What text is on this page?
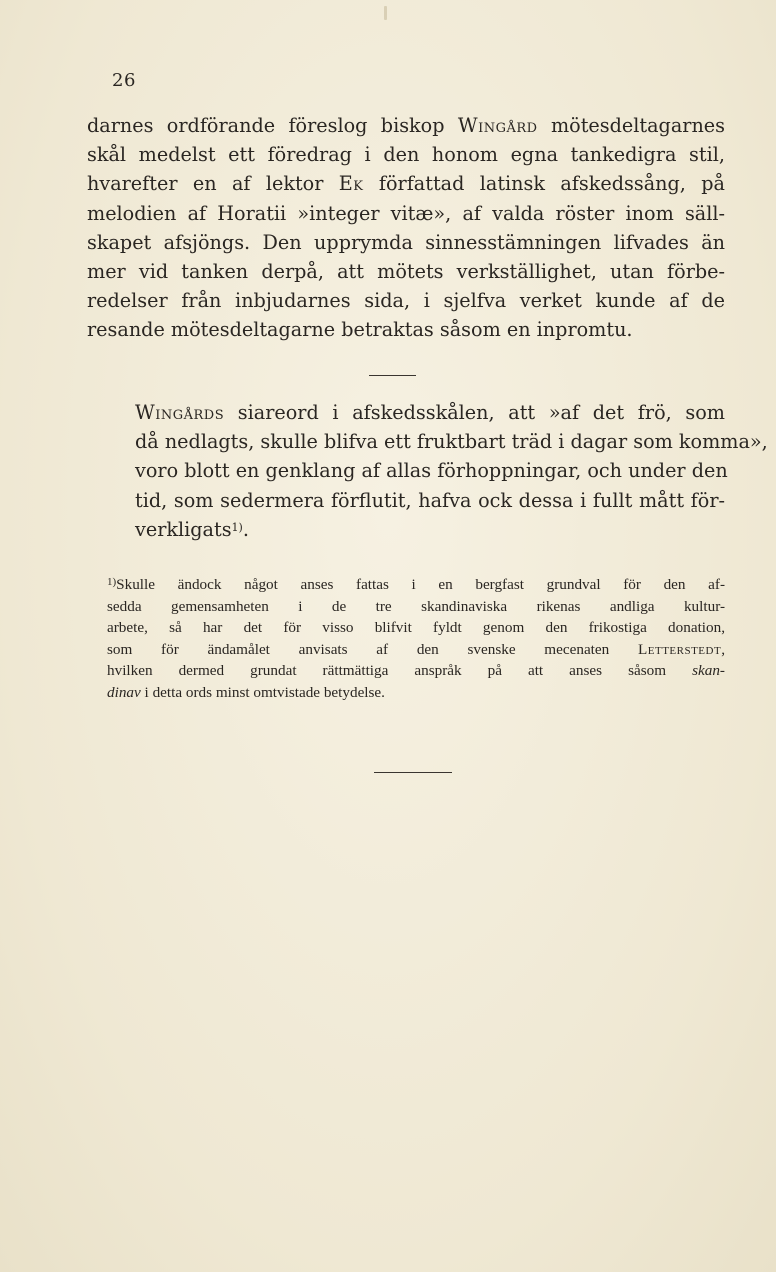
26
darnes ordförande föreslog biskop Wingård mötesdeltagarnes
skål medelst ett föredrag i den honom egna tankedigra stil,
hvarefter en af lektor Ek författad latinsk afskedssång, på
melodien af Horatii »integer vitæ», af valda röster inom säll-
skapet afsjöngs. Den upprymda sinnesstämningen lifvades än
mer vid tanken derpå, att mötets verkställighet, utan förbe-
redelser från inbjudarnes sida, i sjelfva verket kunde af de
resande mötesdeltagarne betraktas såsom en inpromtu.
Wingårds siareord i afskedsskålen, att »af det frö, som
då nedlagts, skulle blifva ett fruktbart träd i dagar som komma»,
voro blott en genklang af allas förhoppningar, och under den
tid, som sedermera förflutit, hafva ock dessa i fullt mått för-
verkligats$^{1)}$.
$^{1)}$Skulle ändock något anses fattas i en bergfast grundval för den af-
sedda gemensamheten i de tre skandinaviska rikenas andliga kultur-
arbete, så har det för visso blifvit fyldt genom den frikostiga donation,
som för ändamålet anvisats af den svenske mecenaten Letterstedt,
hvilken dermed grundat rättmättiga anspråk på att anses såsom skan-
dinav i detta ords minst omtvistade betydelse.
